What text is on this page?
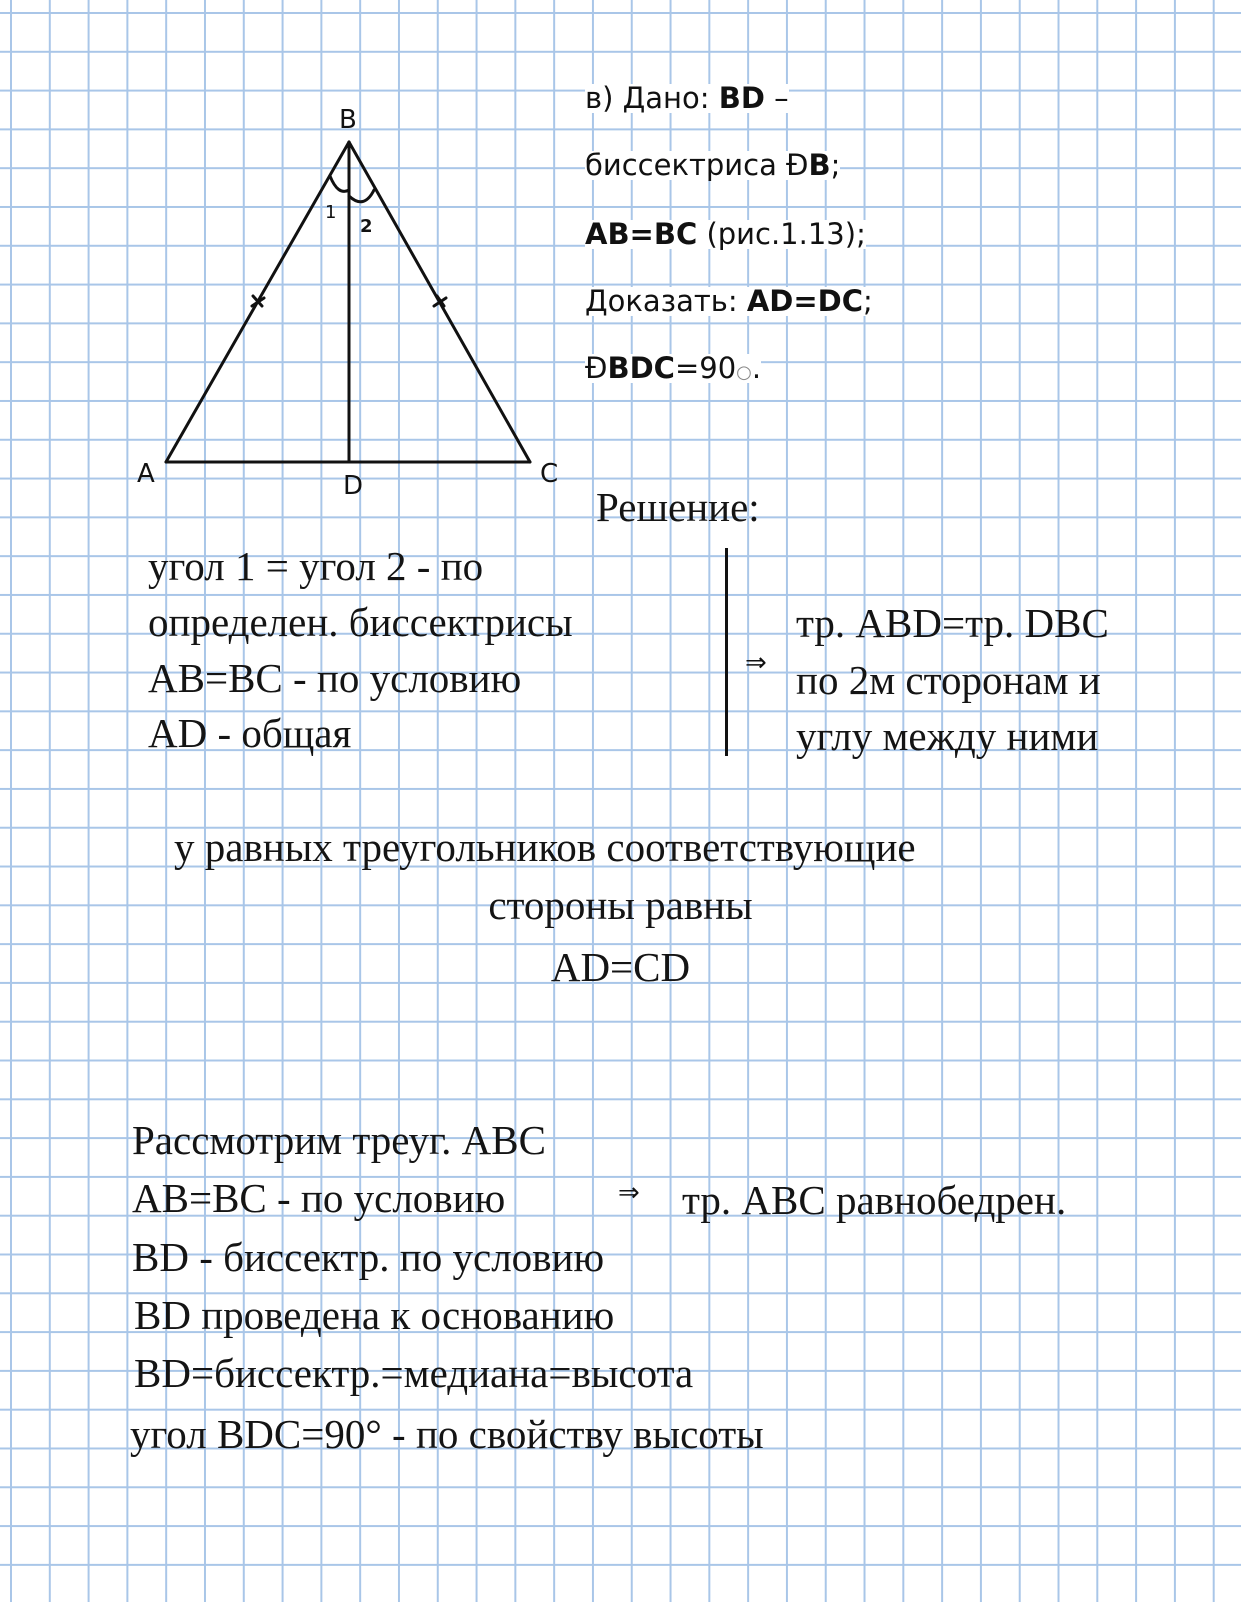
B
A	D	C
1
2
в) Дано: BD –
биссектриса ÐB;
AB=BC (рис.1.13);
Доказать: AD=DC;
ÐBDC=90○.
Решение:
угол 1 = угол 2 - по
определен. биссектрисы
AB=BC - по условию
AD - общая
⇒
тр. ABD=тр. DBC
по 2м сторонам и
углу между ними
у равных треугольников соответствующие
стороны равны
AD=CD
Рассмотрим треуг. ABC
AB=BC - по условию	⇒ тр. ABC равнобедрен.
BD - биссектр. по условию
BD проведена к основанию
BD=биссектр.=медиана=высота
угол BDC=90° - по свойству высоты
